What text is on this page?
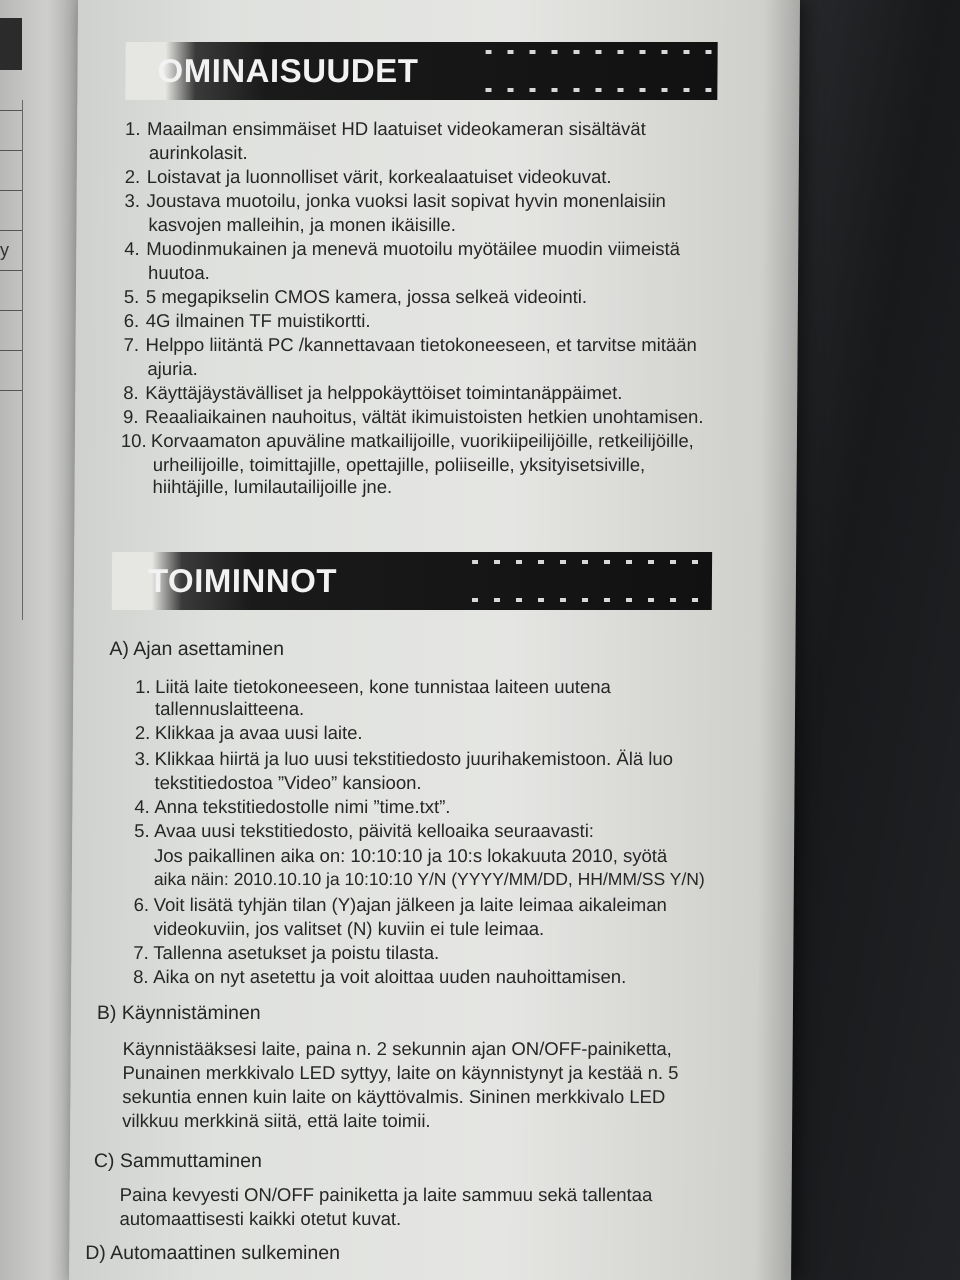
y
OMINAISUUDET
1. Maailman ensimmäiset HD laatuiset videokameran sisältävät
aurinkolasit.
2. Loistavat ja luonnolliset värit, korkealaatuiset videokuvat.
3. Joustava muotoilu, jonka vuoksi lasit sopivat hyvin monenlaisiin
kasvojen malleihin, ja monen ikäisille.
4. Muodinmukainen ja menevä muotoilu myötäilee muodin viimeistä
huutoa.
5. 5 megapikselin CMOS kamera, jossa selkeä videointi.
6. 4G ilmainen TF muistikortti.
7. Helppo liitäntä PC /kannettavaan tietokoneeseen, et tarvitse mitään
ajuria.
8. Käyttäjäystävälliset ja helppokäyttöiset toimintanäppäimet.
9. Reaaliaikainen nauhoitus, vältät ikimuistoisten hetkien unohtamisen.
10. Korvaamaton apuväline matkailijoille, vuorikiipeilijöille, retkeilijöille,
urheilijoille, toimittajille, opettajille, poliiseille, yksityisetsiville,
hiihtäjille, lumilautailijoille jne.
TOIMINNOT
A) Ajan asettaminen
1. Liitä laite tietokoneeseen, kone tunnistaa laiteen uutena
tallennuslaitteena.
2. Klikkaa ja avaa uusi laite.
3. Klikkaa hiirtä ja luo uusi tekstitiedosto juurihakemistoon. Älä luo
tekstitiedostoa ”Video” kansioon.
4. Anna tekstitiedostolle nimi ”time.txt”.
5. Avaa uusi tekstitiedosto, päivitä kelloaika seuraavasti:
Jos paikallinen aika on: 10:10:10 ja 10:s lokakuuta 2010, syötä
aika näin: 2010.10.10 ja 10:10:10 Y/N (YYYY/MM/DD, HH/MM/SS Y/N)
6. Voit lisätä tyhjän tilan (Y)ajan jälkeen ja laite leimaa aikaleiman
videokuviin, jos valitset (N) kuviin ei tule leimaa.
7. Tallenna asetukset ja poistu tilasta.
8. Aika on nyt asetettu ja voit aloittaa uuden nauhoittamisen.
B) Käynnistäminen
Käynnistääksesi laite, paina n. 2 sekunnin ajan ON/OFF-painiketta,
Punainen merkkivalo LED syttyy, laite on käynnistynyt ja kestää n. 5
sekuntia ennen kuin laite on käyttövalmis. Sininen merkkivalo LED
vilkkuu merkkinä siitä, että laite toimii.
C) Sammuttaminen
Paina kevyesti ON/OFF painiketta ja laite sammuu sekä tallentaa
automaattisesti kaikki otetut kuvat.
D) Automaattinen sulkeminen
